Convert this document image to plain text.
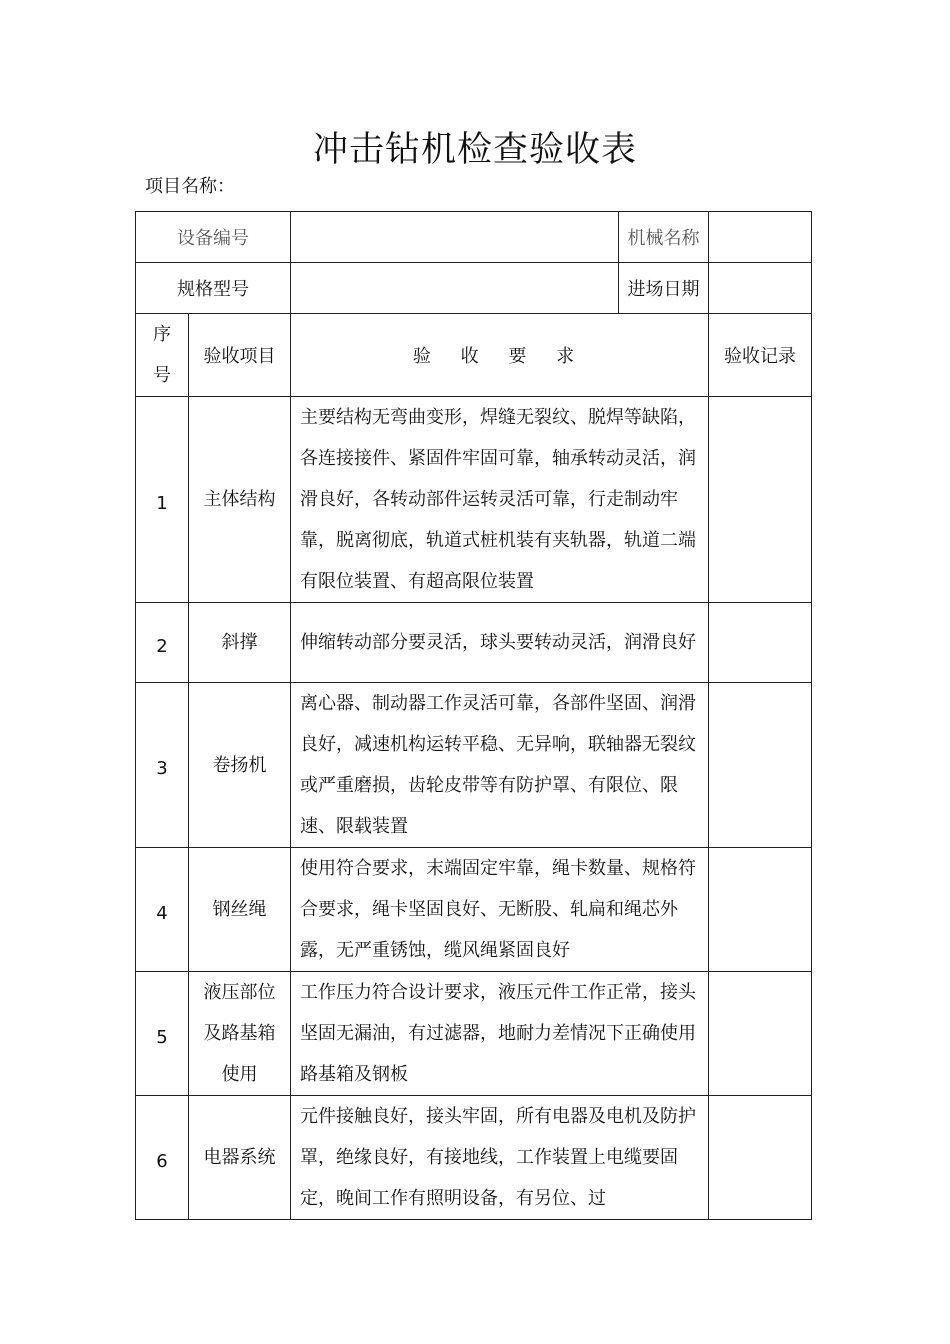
冲击钻机检查验收表
项目名称：
设备编号			机械名称	
规格型号			进场日期	

序
号	验收项目	验 收 要 求		验收记录
1	主体结构	主要结构无弯曲变形，焊缝无裂纹、脱焊等缺陷，各连接接件、紧固件牢固可靠，轴承转动灵活，润滑良好，各转动部件运转灵活可靠，行走制动牢靠，脱离彻底，轨道式桩机装有夹轨器，轨道二端有限位装置、有超高限位装置		
2	斜撑	伸缩转动部分要灵活，球头要转动灵活，润滑良好		
3	卷扬机	离心器、制动器工作灵活可靠，各部件坚固、润滑良好，减速机构运转平稳、无异响，联轴器无裂纹或严重磨损，齿轮皮带等有防护罩、有限位、限速、限载装置		
4	钢丝绳	使用符合要求，末端固定牢靠，绳卡数量、规格符合要求，绳卡坚固良好、无断股、轧扁和绳芯外露，无严重锈蚀，缆风绳紧固良好		
5	液压部位
及路基箱
使用	工作压力符合设计要求，液压元件工作正常，接头坚固无漏油，有过滤器，地耐力差情况下正确使用路基箱及钢板		
6	电器系统	元件接触良好，接头牢固，所有电器及电机及防护罩，绝缘良好，有接地线，工作装置上电缆要固定，晚间工作有照明设备，有另位、过		
